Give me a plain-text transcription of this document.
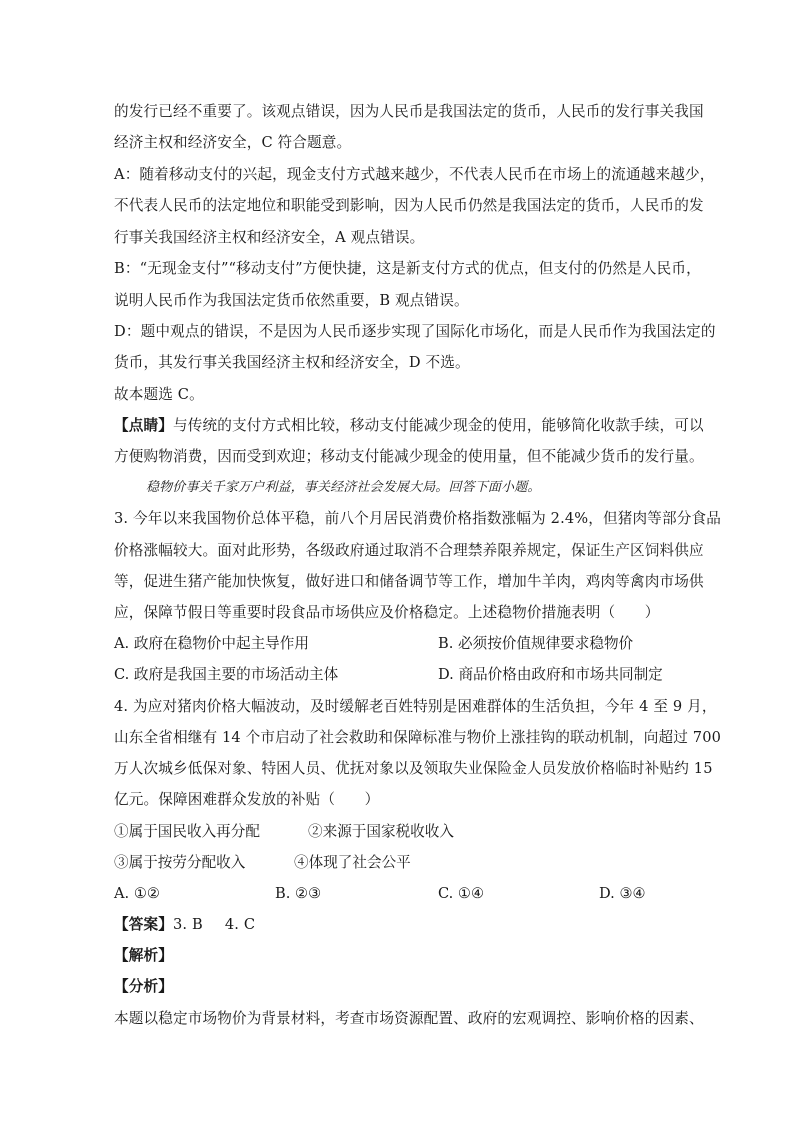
的发行已经不重要了。该观点错误，因为人民币是我国法定的货币，人民币的发行事关我国
经济主权和经济安全，C 符合题意。
A：随着移动支付的兴起，现金支付方式越来越少，不代表人民币在市场上的流通越来越少，
不代表人民币的法定地位和职能受到影响，因为人民币仍然是我国法定的货币，人民币的发
行事关我国经济主权和经济安全，A 观点错误。
B：“无现金支付”“移动支付”方便快捷，这是新支付方式的优点，但支付的仍然是人民币，
说明人民币作为我国法定货币依然重要，B 观点错误。
D：题中观点的错误，不是因为人民币逐步实现了国际化市场化，而是人民币作为我国法定的
货币，其发行事关我国经济主权和经济安全，D 不选。
故本题选 C。
【点睛】与传统的支付方式相比较，移动支付能减少现金的使用，能够简化收款手续，可以
方便购物消费，因而受到欢迎；移动支付能减少现金的使用量，但不能减少货币的发行量。
稳物价事关千家万户利益，事关经济社会发展大局。回答下面小题。
3. 今年以来我国物价总体平稳，前八个月居民消费价格指数涨幅为 2.4%，但猪肉等部分食品
价格涨幅较大。面对此形势，各级政府通过取消不合理禁养限养规定，保证生产区饲料供应
等，促进生猪产能加快恢复，做好进口和储备调节等工作，增加牛羊肉，鸡肉等禽肉市场供
应，保障节假日等重要时段食品市场供应及价格稳定。上述稳物价措施表明（　　）
A. 政府在稳物价中起主导作用	B. 必须按价值规律要求稳物价
C. 政府是我国主要的市场活动主体	D. 商品价格由政府和市场共同制定
4. 为应对猪肉价格大幅波动，及时缓解老百姓特别是困难群体的生活负担，今年 4 至 9 月，
山东全省相继有 14 个市启动了社会救助和保障标准与物价上涨挂钩的联动机制，向超过 700
万人次城乡低保对象、特困人员、优抚对象以及领取失业保险金人员发放价格临时补贴约 15
亿元。保障困难群众发放的补贴（　　）
①属于国民收入再分配	②来源于国家税收收入
③属于按劳分配收入	④体现了社会公平
A. ①②	B. ②③	C. ①④	D. ③④
【答案】3. B 4. C
【解析】
【分析】
本题以稳定市场物价为背景材料，考查市场资源配置、政府的宏观调控、影响价格的因素、
